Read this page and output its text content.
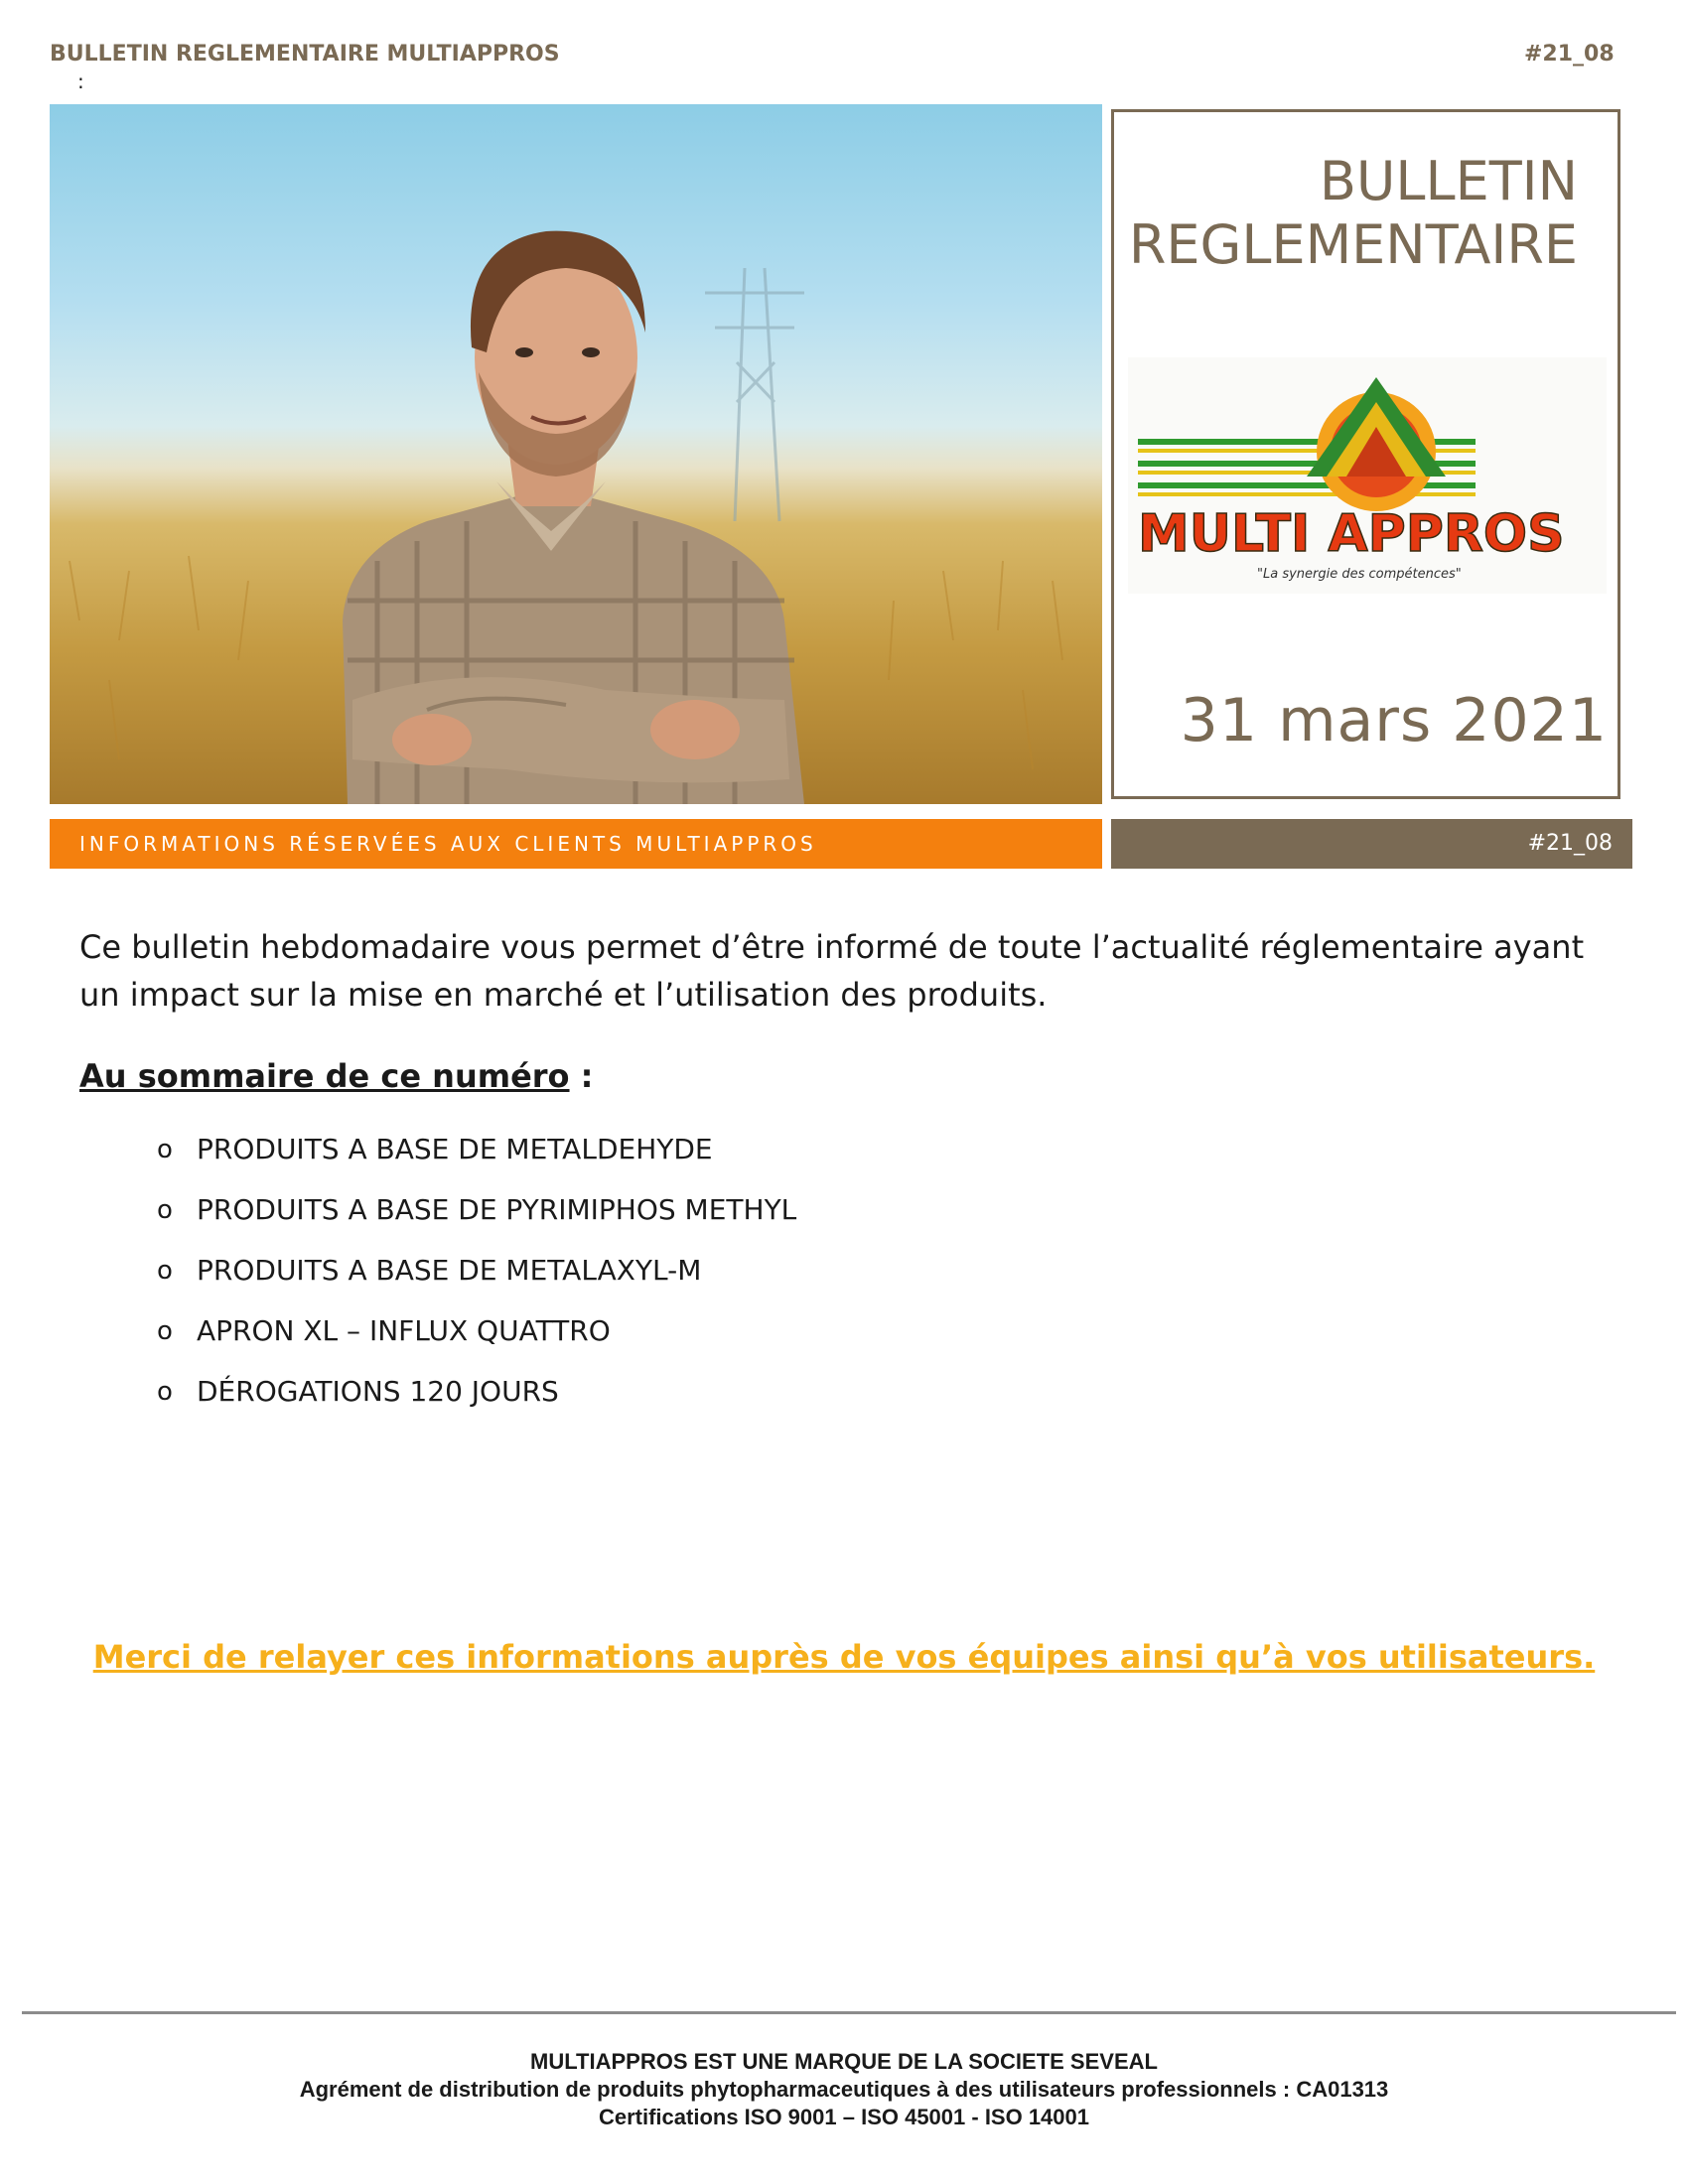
BULLETIN REGLEMENTAIRE MULTIAPPROS
:
#21_08
BULLETIN
REGLEMENTAIRE
MULTI APPROS
"La synergie des compétences"
31 mars 2021
INFORMATIONS RÉSERVÉES AUX CLIENTS MULTIAPPROS	#21_08
Ce bulletin hebdomadaire vous permet d’être informé de toute l’actualité réglementaire ayant un impact sur la mise en marché et l’utilisation des produits.
Au sommaire de ce numéro :
o PRODUITS A BASE DE METALDEHYDE
o PRODUITS A BASE DE PYRIMIPHOS METHYL
o PRODUITS A BASE DE METALAXYL-M
o APRON XL – INFLUX QUATTRO
o DÉROGATIONS 120 JOURS
Merci de relayer ces informations auprès de vos équipes ainsi qu’à vos utilisateurs.
MULTIAPPROS EST UNE MARQUE DE LA SOCIETE SEVEAL
Agrément de distribution de produits phytopharmaceutiques à des utilisateurs professionnels : CA01313
Certifications ISO 9001 – ISO 45001 - ISO 14001
